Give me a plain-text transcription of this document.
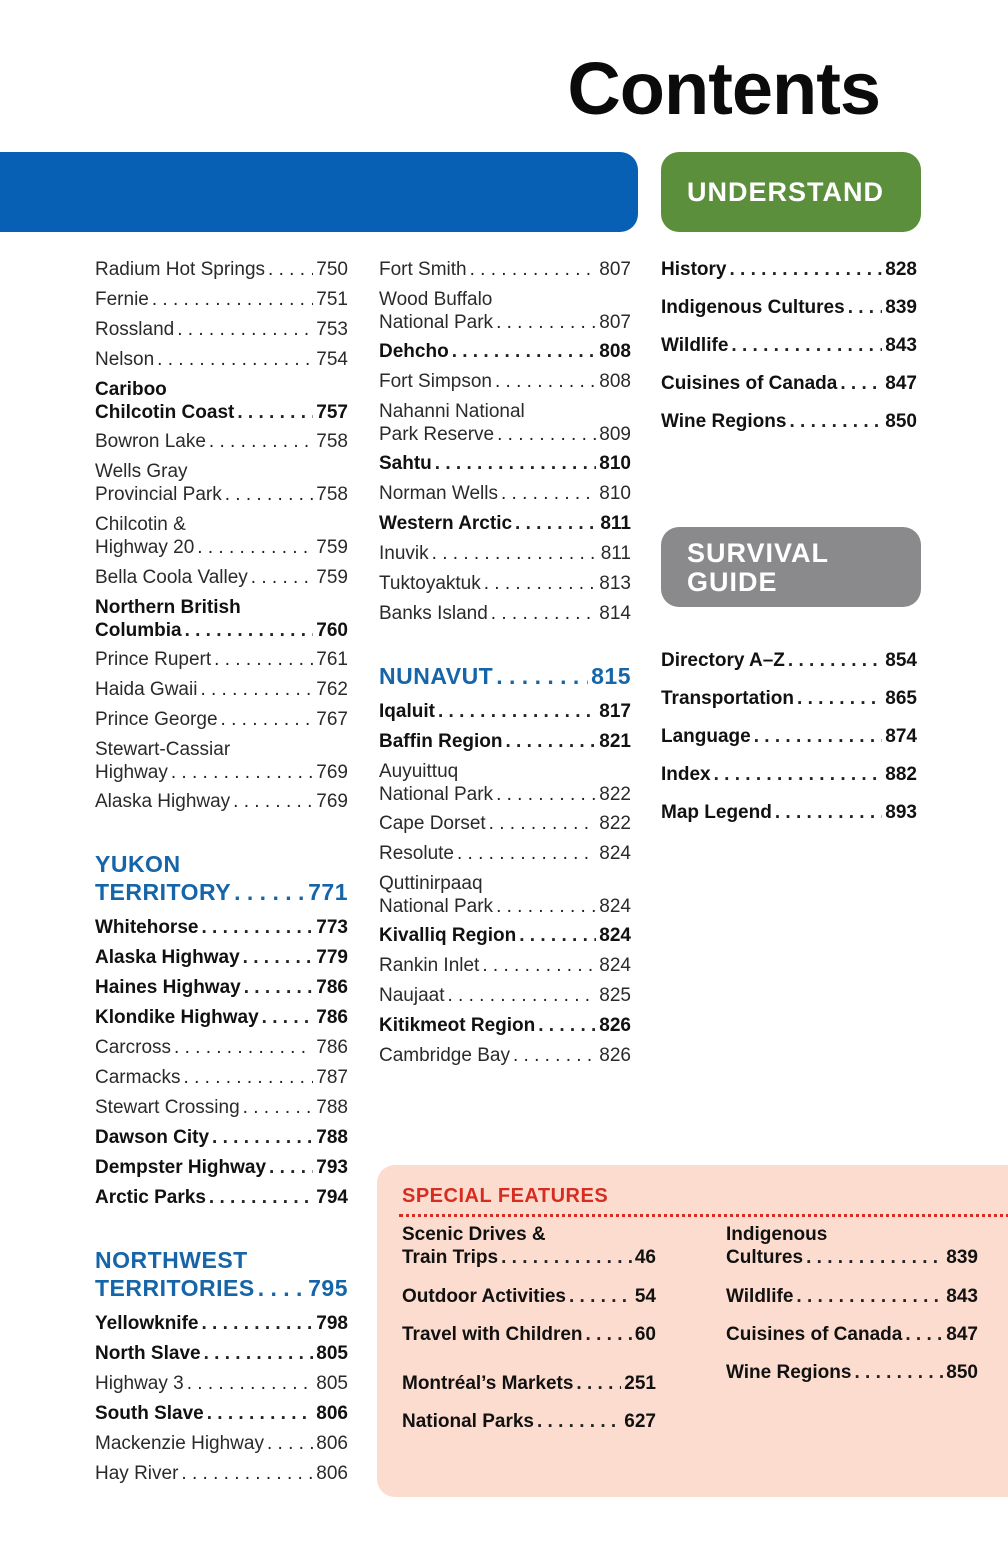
Contents
UNDERSTAND
SURVIVAL
GUIDE
Radium Hot Springs . . .	750
Fernie . . .	751
Rossland . . .	753
Nelson . . .	754
Cariboo
Chilcotin Coast . . .	757
Bowron Lake . . .	758
Wells Gray
Provincial Park . . .	758
Chilcotin &
Highway 20 . . .	759
Bella Coola Valley . . .	759
Northern British
Columbia . . .	760
Prince Rupert . . .	761
Haida Gwaii . . .	762
Prince George . . .	767
Stewart-Cassiar
Highway . . .	769
Alaska Highway . . .	769
YUKON
TERRITORY . . .	771
Whitehorse . . .	773
Alaska Highway . . .	779
Haines Highway . . .	786
Klondike Highway . . .	786
Carcross . . .	786
Carmacks . . .	787
Stewart Crossing . . .	788
Dawson City . . .	788
Dempster Highway . . .	793
Arctic Parks . . .	794
NORTHWEST
TERRITORIES . . . 795
Yellowknife . . .	798
North Slave . . .	805
Highway 3 . . .	805
South Slave . . .	806
Mackenzie Highway . . .	806
Hay River . . .	806
Fort Smith . . .	807
Wood Buffalo
National Park . . .	807
Dehcho . . .	808
Fort Simpson . . .	808
Nahanni National
Park Reserve . . .	809
Sahtu . . .	810
Norman Wells . . .	810
Western Arctic . . .	811
Inuvik . . .	811
Tuktoyaktuk . . .	813
Banks Island . . .	814
NUNAVUT . . .	815
Iqaluit . . .	817
Baffin Region . . .	821
Auyuittuq
National Park . . .	822
Cape Dorset . . .	822
Resolute . . .	824
Quttinirpaaq
National Park . . .	824
Kivalliq Region . . .	824
Rankin Inlet . . .	824
Naujaat . . .	825
Kitikmeot Region . . .	826
Cambridge Bay . . .	826
History . . .	828
Indigenous Cultures . . . 839
Wildlife . . .	843
Cuisines of Canada . . .	847
Wine Regions . . .	850
Directory A–Z . . .	854
Transportation . . .	865
Language . . .	874
Index . . .	882
Map Legend . . .	893
SPECIAL FEATURES
Scenic Drives &
Train Trips . . .	46
Outdoor Activities . . .	54
Travel with Children . . .	60
Montréal’s Markets . . .	251
National Parks . . .	627
Indigenous
Cultures . . .	839
Wildlife . . .	843
Cuisines of Canada . . . 847
Wine Regions . . .	850
